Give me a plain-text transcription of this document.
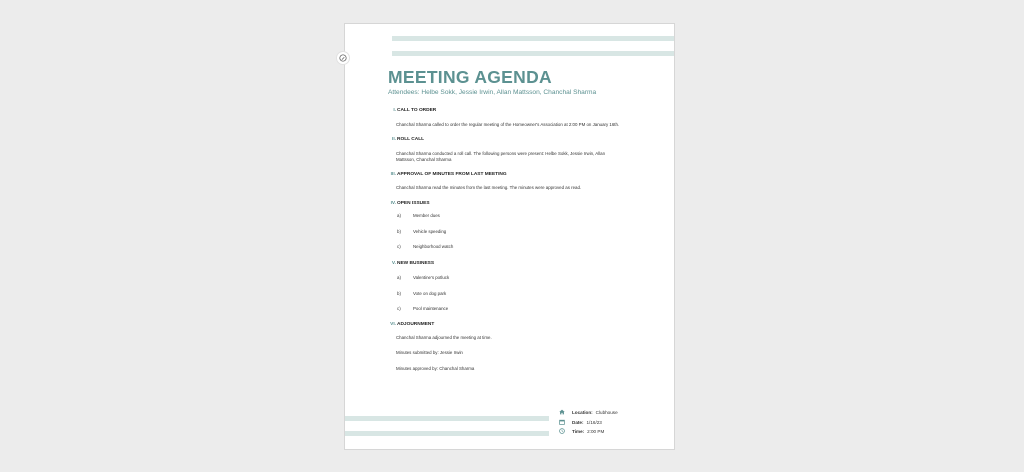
MEETING AGENDA
Attendees: Helbe Sokk, Jessie Irwin, Allan Mattsson, Chanchal Sharma
I. CALL TO ORDER
Chanchal Sharma called to order the regular meeting of the Homeowner's Association at 2:00 PM on January 16th.
II. ROLL CALL
Chanchal Sharma conducted a roll call. The following persons were present: Helbe Sokk, Jessie Irwin, Allan Mattsson, Chanchal Sharma
III. APPROVAL OF MINUTES FROM LAST MEETING
Chanchal Sharma read the minutes from the last meeting. The minutes were approved as read.
IV. OPEN ISSUES
a)	Member dues
b)	Vehicle speeding
c)	Neighborhood watch
V. NEW BUSINESS
a)	Valentine's potluck
b)	Vote on dog park
c)	Pool maintenance
VI. ADJOURNMENT
Chanchal Sharma adjourned the meeting at time.
Minutes submitted by: Jessie Irwin
Minutes approved by: Chanchal Sharma
Location: Clubhouse
Date: 1/16/23
Time: 2:00 PM
